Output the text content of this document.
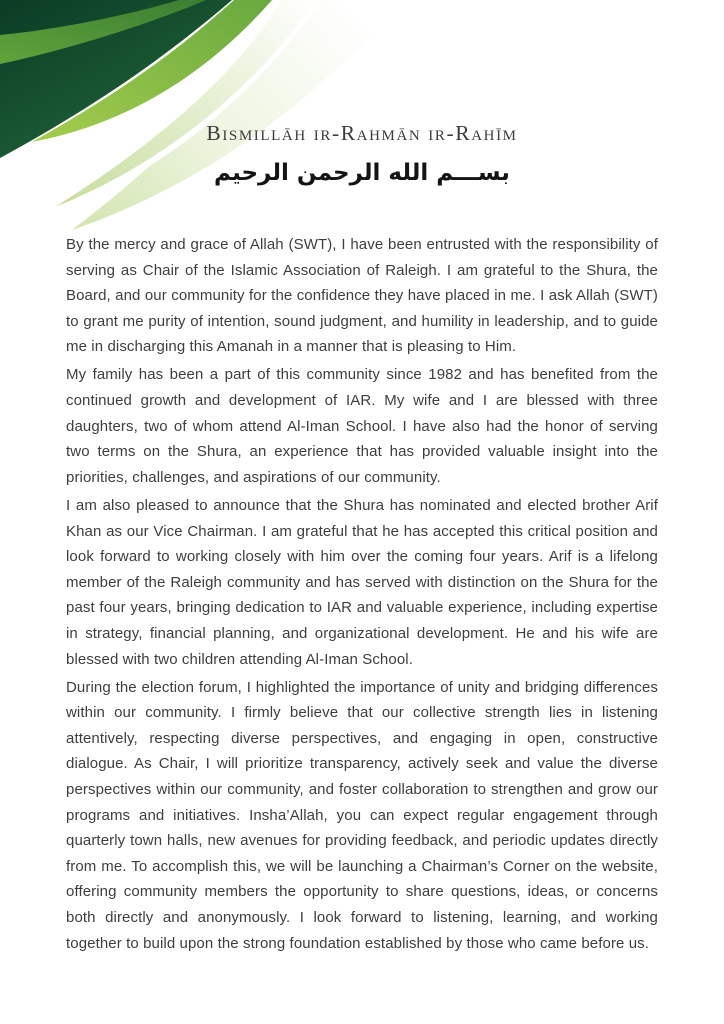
Bismillāh ir-Rahmān ir-Rahīm
بســـم الله الرحمن الرحيم

By the mercy and grace of Allah (SWT), I have been entrusted with the responsibility of serving as Chair of the Islamic Association of Raleigh. I am grateful to the Shura, the Board, and our community for the confidence they have placed in me. I ask Allah (SWT) to grant me purity of intention, sound judgment, and humility in leadership, and to guide me in discharging this Amanah in a manner that is pleasing to Him.

My family has been a part of this community since 1982 and has benefited from the continued growth and development of IAR. My wife and I are blessed with three daughters, two of whom attend Al-Iman School. I have also had the honor of serving two terms on the Shura, an experience that has provided valuable insight into the priorities, challenges, and aspirations of our community.

I am also pleased to announce that the Shura has nominated and elected brother Arif Khan as our Vice Chairman. I am grateful that he has accepted this critical position and look forward to working closely with him over the coming four years. Arif is a lifelong member of the Raleigh community and has served with distinction on the Shura for the past four years, bringing dedication to IAR and valuable experience, including expertise in strategy, financial planning, and organizational development. He and his wife are blessed with two children attending Al-Iman School.

During the election forum, I highlighted the importance of unity and bridging differences within our community. I firmly believe that our collective strength lies in listening attentively, respecting diverse perspectives, and engaging in open, constructive dialogue. As Chair, I will prioritize transparency, actively seek and value the diverse perspectives within our community, and foster collaboration to strengthen and grow our programs and initiatives. Insha’Allah, you can expect regular engagement through quarterly town halls, new avenues for providing feedback, and periodic updates directly from me. To accomplish this, we will be launching a Chairman’s Corner on the website, offering community members the opportunity to share questions, ideas, or concerns both directly and anonymously. I look forward to listening, learning, and working together to build upon the strong foundation established by those who came before us.
